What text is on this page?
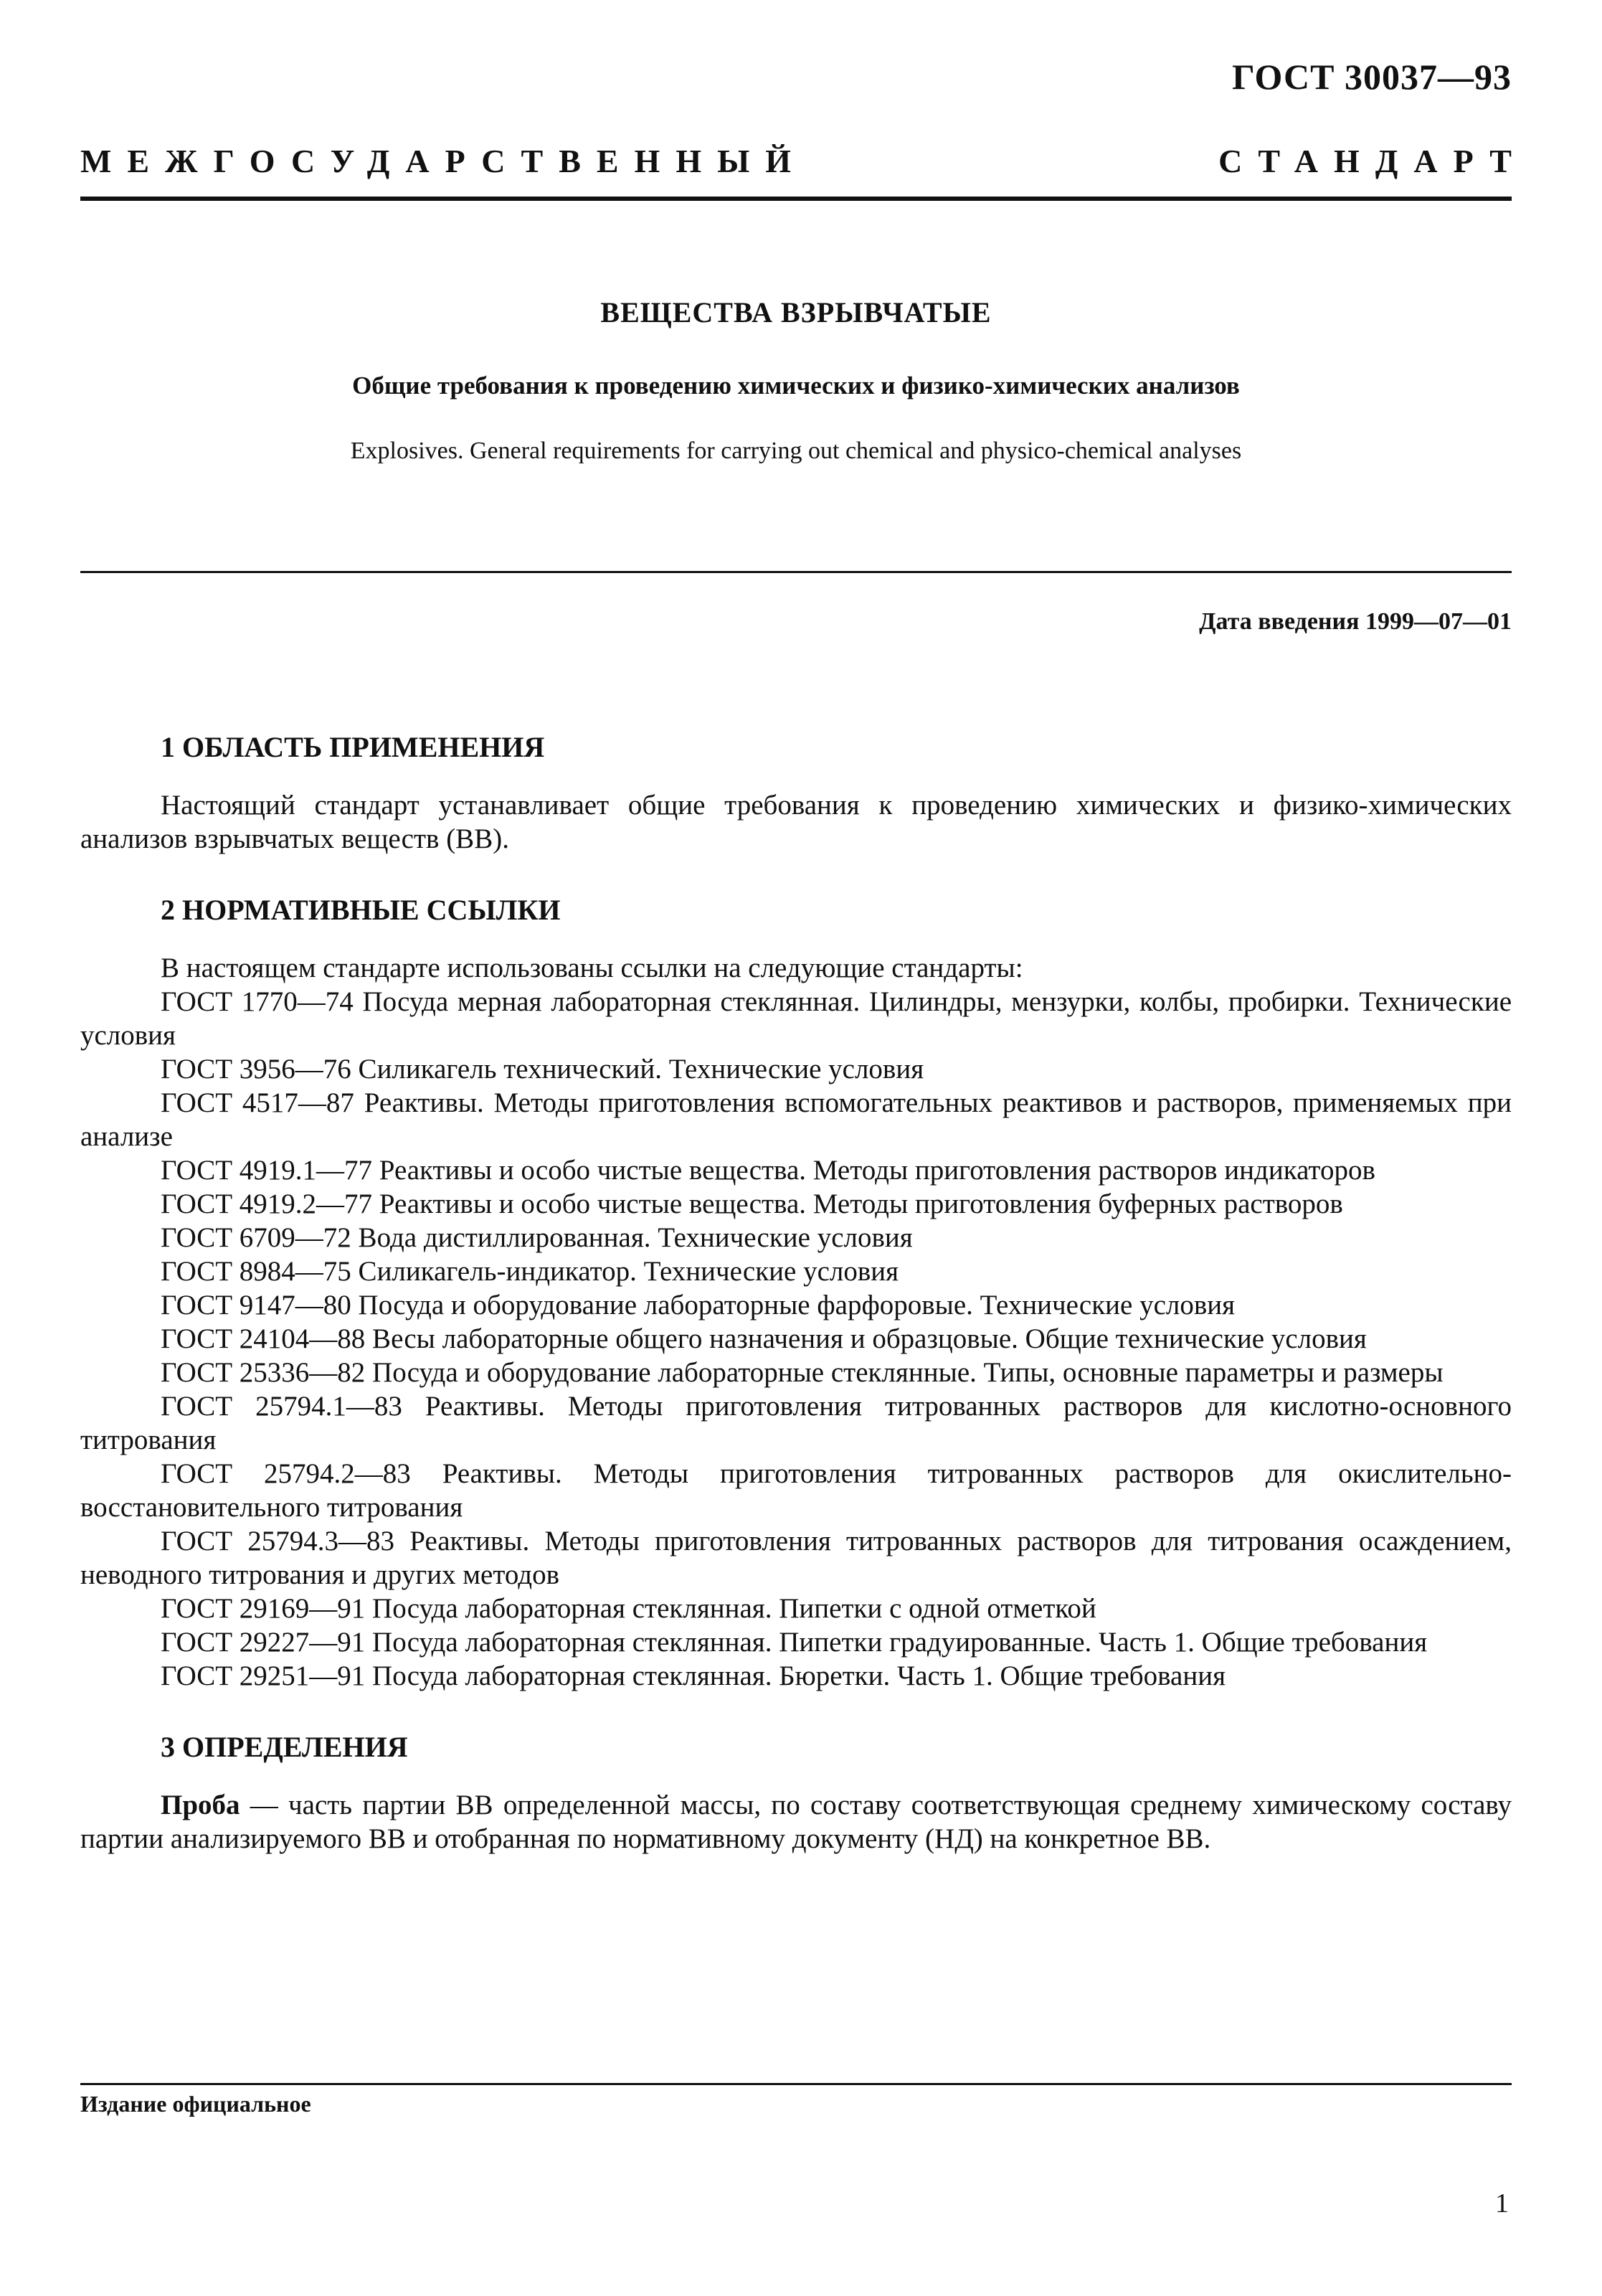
ГОСТ 30037—93
МЕЖГОСУДАРСТВЕННЫЙ	СТАНДАРТ
ВЕЩЕСТВА ВЗРЫВЧАТЫЕ
Общие требования к проведению химических и физико-химических анализов
Explosives. General requirements for carrying out chemical and physico-chemical analyses
Дата введения 1999—07—01
1 ОБЛАСТЬ ПРИМЕНЕНИЯ

Настоящий стандарт устанавливает общие требования к проведению химических и физико-химических анализов взрывчатых веществ (ВВ).

2 НОРМАТИВНЫЕ ССЫЛКИ

В настоящем стандарте использованы ссылки на следующие стандарты:

ГОСТ 1770—74 Посуда мерная лабораторная стеклянная. Цилиндры, мензурки, колбы, пробирки. Технические условия

ГОСТ 3956—76 Силикагель технический. Технические условия

ГОСТ 4517—87 Реактивы. Методы приготовления вспомогательных реактивов и растворов, применяемых при анализе

ГОСТ 4919.1—77 Реактивы и особо чистые вещества. Методы приготовления растворов индикаторов

ГОСТ 4919.2—77 Реактивы и особо чистые вещества. Методы приготовления буферных растворов

ГОСТ 6709—72 Вода дистиллированная. Технические условия

ГОСТ 8984—75 Силикагель-индикатор. Технические условия

ГОСТ 9147—80 Посуда и оборудование лабораторные фарфоровые. Технические условия

ГОСТ 24104—88 Весы лабораторные общего назначения и образцовые. Общие технические условия

ГОСТ 25336—82 Посуда и оборудование лабораторные стеклянные. Типы, основные параметры и размеры

ГОСТ 25794.1—83 Реактивы. Методы приготовления титрованных растворов для кислотно-основного титрования

ГОСТ 25794.2—83 Реактивы. Методы приготовления титрованных растворов для окислительно-восстановительного титрования

ГОСТ 25794.3—83 Реактивы. Методы приготовления титрованных растворов для титрования осаждением, неводного титрования и других методов

ГОСТ 29169—91 Посуда лабораторная стеклянная. Пипетки с одной отметкой

ГОСТ 29227—91 Посуда лабораторная стеклянная. Пипетки градуированные. Часть 1. Общие требования

ГОСТ 29251—91 Посуда лабораторная стеклянная. Бюретки. Часть 1. Общие требования

3 ОПРЕДЕЛЕНИЯ

Проба — часть партии ВВ определенной массы, по составу соответствующая среднему химическому составу партии анализируемого ВВ и отобранная по нормативному документу (НД) на конкретное ВВ.

Издание официальное
1
